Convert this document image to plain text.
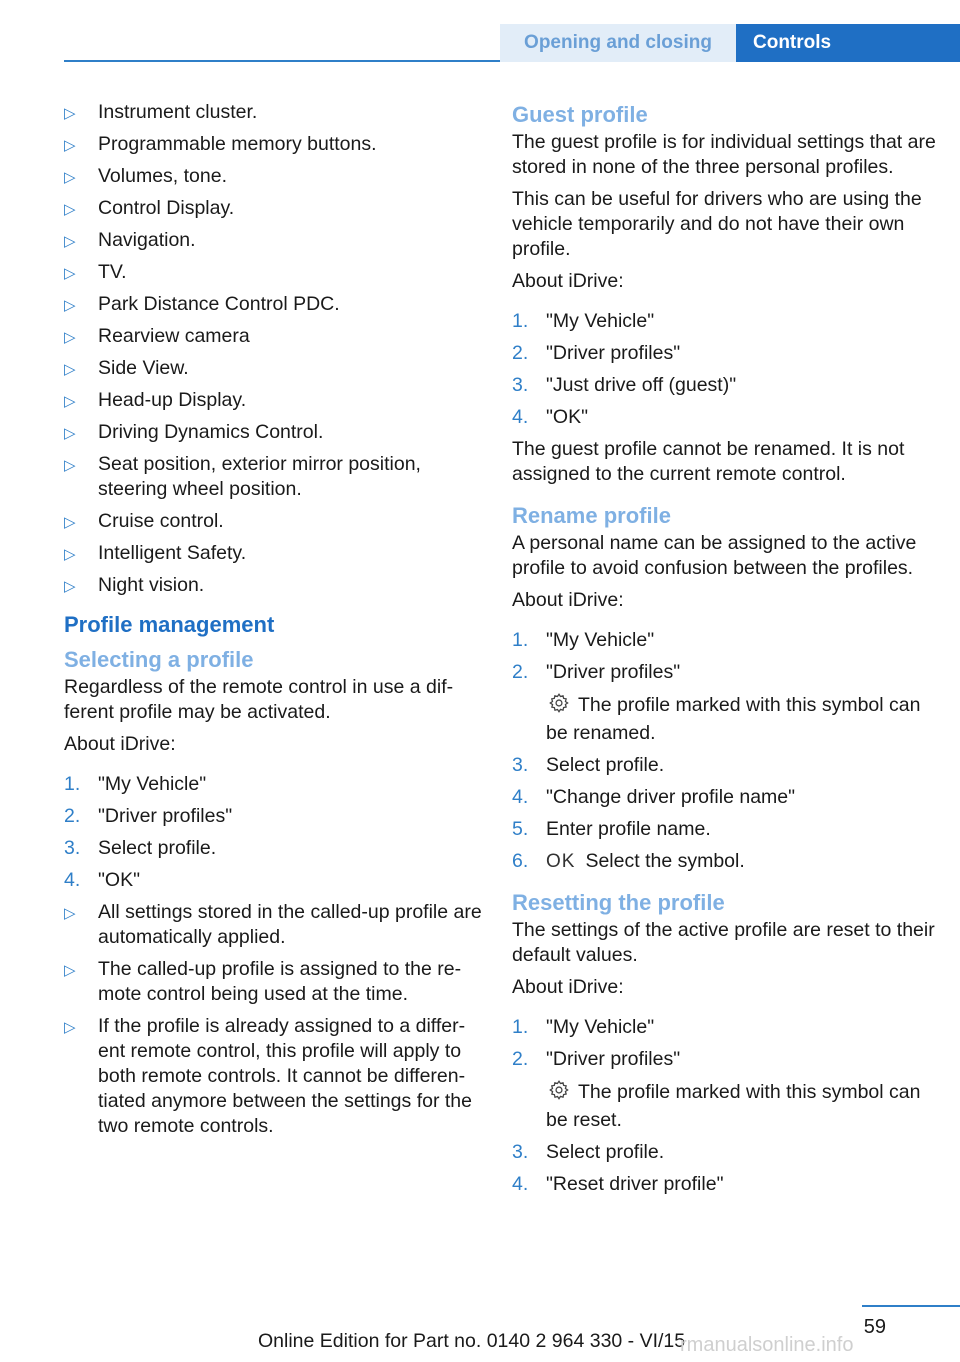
Opening and closing	Controls
▷ Instrument cluster.
▷ Programmable memory buttons.
▷ Volumes, tone.
▷ Control Display.
▷ Navigation.
▷ TV.
▷ Park Distance Control PDC.
▷ Rearview camera
▷ Side View.
▷ Head-up Display.
▷ Driving Dynamics Control.
▷ Seat position, exterior mirror position, steering wheel position.
▷ Cruise control.
▷ Intelligent Safety.
▷ Night vision.
Profile management
Selecting a profile

Regardless of the remote control in use a different profile may be activated.

About iDrive:

1. "My Vehicle"
2. "Driver profiles"
3. Select profile.
4. "OK"
▷ All settings stored in the called-up profile are automatically applied.
▷ The called-up profile is assigned to the remote control being used at the time.
▷ If the profile is already assigned to a different remote control, this profile will apply to both remote controls. It cannot be differentiated anymore between the settings for the two remote controls.
Guest profile

The guest profile is for individual settings that are stored in none of the three personal profiles.

This can be useful for drivers who are using the vehicle temporarily and do not have their own profile.

About iDrive:

1. "My Vehicle"
2. "Driver profiles"
3. "Just drive off (guest)"
4. "OK"

The guest profile cannot be renamed. It is not assigned to the current remote control.

Rename profile

A personal name can be assigned to the active profile to avoid confusion between the profiles.

About iDrive:

1. "My Vehicle"
2. "Driver profiles"
The profile marked with this symbol can be renamed.
3. Select profile.
4. "Change driver profile name"
5. Enter profile name.
6. OK Select the symbol.
Resetting the profile

The settings of the active profile are reset to their default values.

About iDrive:

1. "My Vehicle"
2. "Driver profiles"
The profile marked with this symbol can be reset.
3. Select profile.
4. "Reset driver profile"
59
Online Edition for Part no. 0140 2 964 330 - VI/15
rmanualsonline.info
